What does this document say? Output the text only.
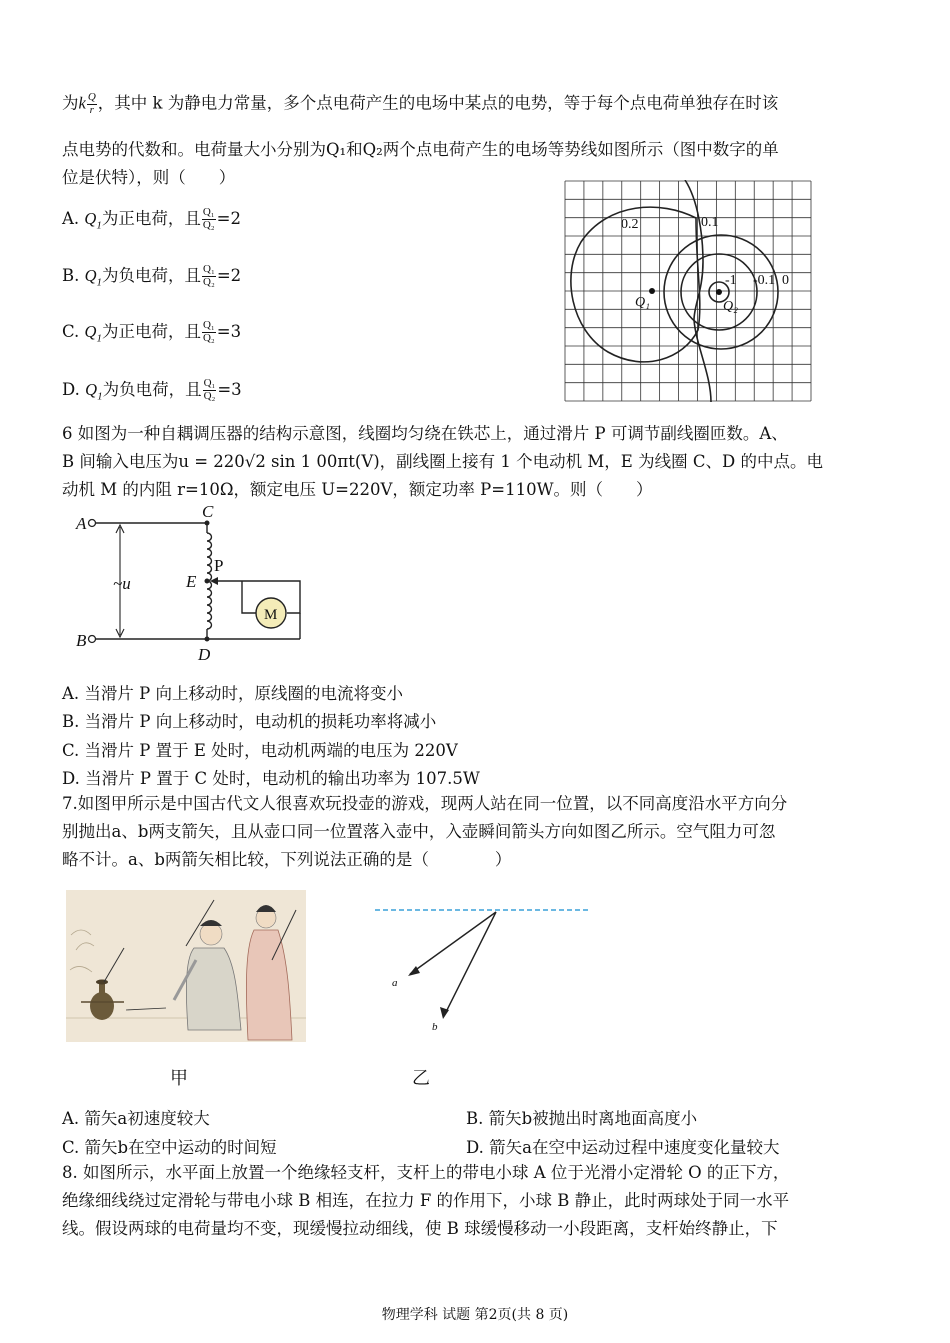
为k $\frac{Q}{r}$ ，其中 k 为静电力常量，多个点电荷产生的电场中某点的电势，等于每个点电荷单独存在时该
点电势的代数和。电荷量大小分别为Q₁和Q₂两个点电荷产生的电场等势线如图所示（图中数字的单
位是伏特），则（　　）
A. $Q_1$为正电荷，且 $\frac{\text{Q₁}}{\text{Q₂}} =2$
B. $Q_1$为负电荷，且 $\frac{\text{Q₁}}{\text{Q₂}} =2$
C. $Q_1$为正电荷，且 $\frac{\text{Q₁}}{\text{Q₂}} =3$
D. $Q_1$为负电荷，且 $\frac{\text{Q₁}}{\text{Q₂}} =3$
0.2	0.1
-1 -0.1 0
Q₁	Q₂
6 如图为一种自耦调压器的结构示意图，线圈均匀绕在铁芯上，通过滑片 P 可调节副线圈匝数。A、
B 间输入电压为u = 220√2 sin 1 00πt(V)，副线圈上接有 1 个电动机 M，E 为线圈 C、D 的中点。电
动机 M 的内阻 r=10Ω，额定电压 U=220V，额定功率 P=110W。则（　　）
A
C
P
E
~u
M
B
D
A. 当滑片 P 向上移动时，原线圈的电流将变小
B. 当滑片 P 向上移动时，电动机的损耗功率将减小
C. 当滑片 P 置于 E 处时，电动机两端的电压为 220V
D. 当滑片 P 置于 C 处时，电动机的输出功率为 107.5W
7.如图甲所示是中国古代文人很喜欢玩投壶的游戏，现两人站在同一位置，以不同高度沿水平方向分
别抛出a、b两支箭矢，且从壶口同一位置落入壶中，入壶瞬间箭头方向如图乙所示。空气阻力可忽
略不计。a、b两箭矢相比较，下列说法正确的是（　　　　）
甲
a
b
乙
A. 箭矢a初速度较大	B. 箭矢b被抛出时离地面高度小
C. 箭矢b在空中运动的时间短	D. 箭矢a在空中运动过程中速度变化量较大
8. 如图所示，水平面上放置一个绝缘轻支杆，支杆上的带电小球 A 位于光滑小定滑轮 O 的正下方，
绝缘细线绕过定滑轮与带电小球 B 相连，在拉力 F 的作用下，小球 B 静止，此时两球处于同一水平
线。假设两球的电荷量均不变，现缓慢拉动细线，使 B 球缓慢移动一小段距离，支杆始终静止，下
物理学科 试题 第2页(共 8 页)
